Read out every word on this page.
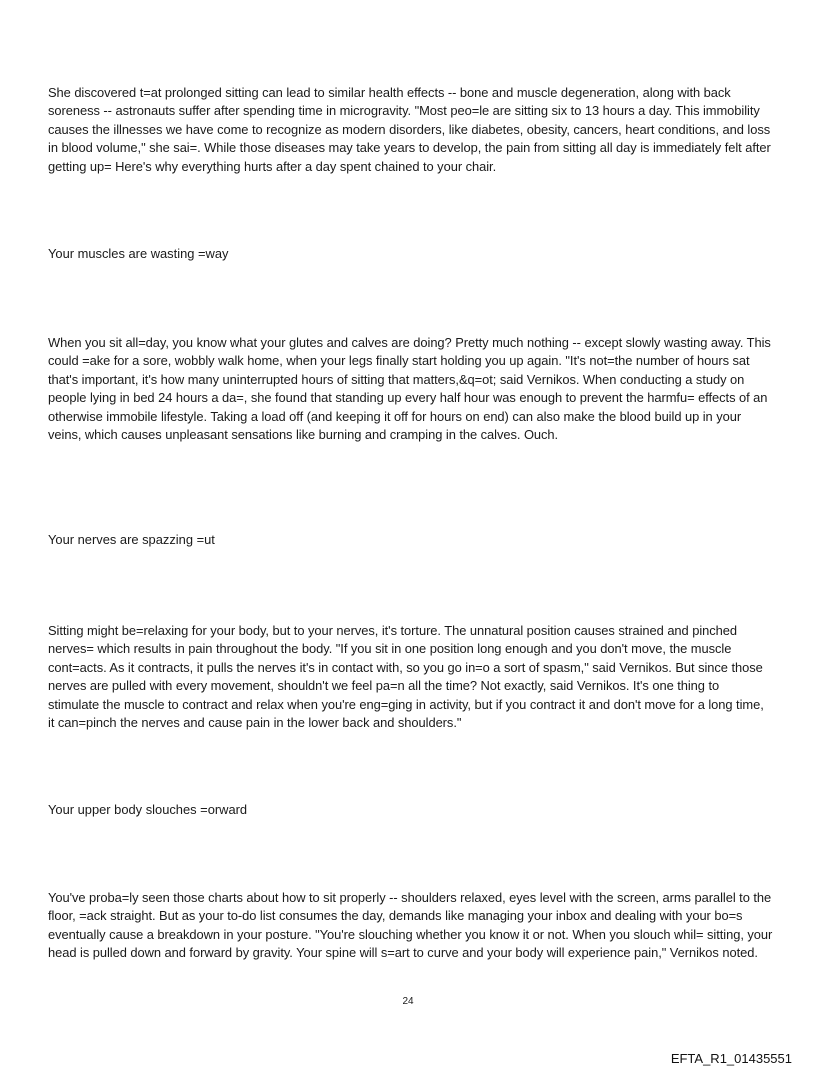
She discovered t=at prolonged sitting can lead to similar health effects -- bone and muscle degeneration, along with back soreness -- astronauts suffer after spending time in microgravity. "Most peo=le are sitting six to 13 hours a day. This immobility causes the illnesses we have come to recognize as modern disorders, like diabetes, obesity, cancers, heart conditions, and loss in blood volume," she sai=. While those diseases may take years to develop, the pain from sitting all day is immediately felt after getting up= Here's why everything hurts after a day spent chained to your chair.

Your muscles are wasting =way

When you sit all=day, you know what your glutes and calves are doing? Pretty much nothing -- except slowly wasting away. This could =ake for a sore, wobbly walk home, when your legs finally start holding you up again. "It's not=the number of hours sat that's important, it's how many uninterrupted hours of sitting that matters,&q=ot; said Vernikos. When conducting a study on people lying in bed 24 hours a da=, she found that standing up every half hour was enough to prevent the harmfu= effects of an otherwise immobile lifestyle. Taking a load off (and keeping it off for hours on end) can also make the blood build up in your veins, which causes unpleasant sensations like burning and cramping in the calves. Ouch.

Your nerves are spazzing =ut

Sitting might be=relaxing for your body, but to your nerves, it's torture. The unnatural position causes strained and pinched nerves= which results in pain throughout the body. "If you sit in one position long enough and you don't move, the muscle cont=acts. As it contracts, it pulls the nerves it's in contact with, so you go in=o a sort of spasm," said Vernikos. But since those nerves are pulled with every movement, shouldn't we feel pa=n all the time? Not exactly, said Vernikos. It's one thing to stimulate the muscle to contract and relax when you're eng=ging in activity, but if you contract it and don't move for a long time, it can=pinch the nerves and cause pain in the lower back and shoulders."

Your upper body slouches =orward

You've proba=ly seen those charts about how to sit properly -- shoulders relaxed, eyes level with the screen, arms parallel to the floor, =ack straight. But as your to-do list consumes the day, demands like managing your inbox and dealing with your bo=s eventually cause a breakdown in your posture. "You're slouching whether you know it or not. When you slouch whil= sitting, your head is pulled down and forward by gravity. Your spine will s=art to curve and your body will experience pain," Vernikos noted.

24
EFTA_R1_01435551
